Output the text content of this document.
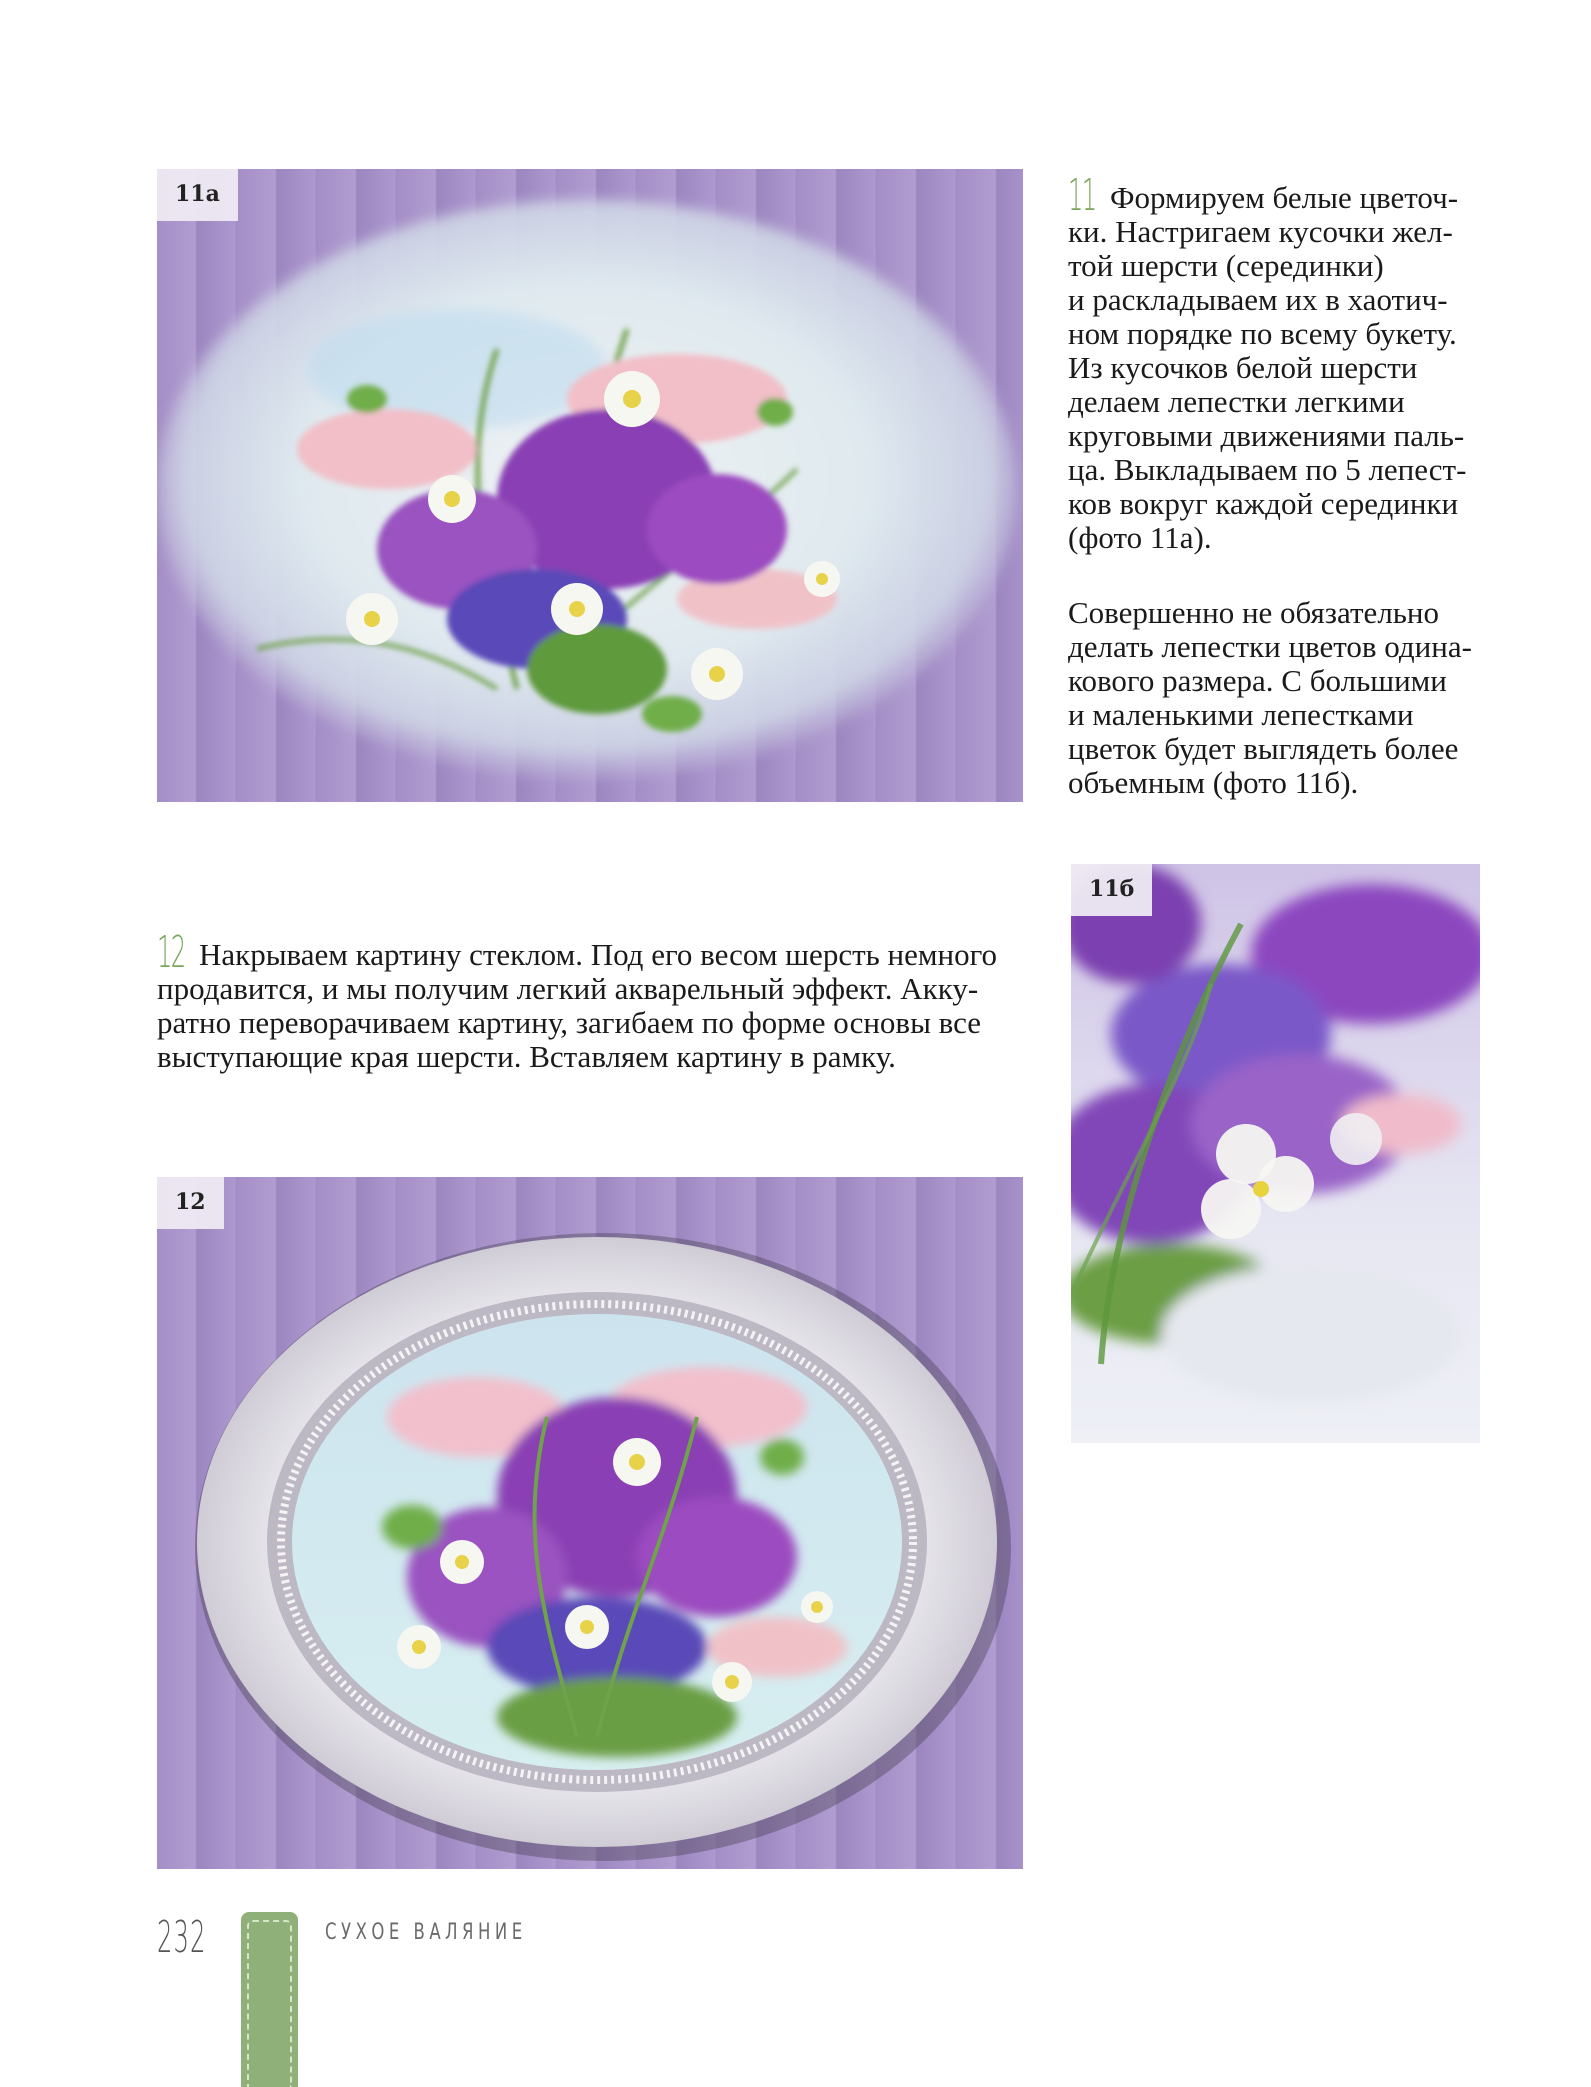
11а	11 Формируем белые цветоч-
ки. Настригаем кусочки жел-
той шерсти (серединки)
и раскладываем их в хаотич-
ном порядке по всему букету.
Из кусочков белой шерсти
делаем лепестки легкими
круговыми движениями паль-
ца. Выкладываем по 5 лепест-
ков вокруг каждой серединки
(фото 11а).

Совершенно не обязательно
делать лепестки цветов одина-
кового размера. С большими
и маленькими лепестками
цветок будет выглядеть более
объемным (фото 11б).

11б

12 Накрываем картину стеклом. Под его весом шерсть немного
продавится, и мы получим легкий акварельный эффект. Акку-
ратно переворачиваем картину, загибаем по форме основы все
выступающие края шерсти. Вставляем картину в рамку.

12
232	СУХОЕ ВАЛЯНИЕ
